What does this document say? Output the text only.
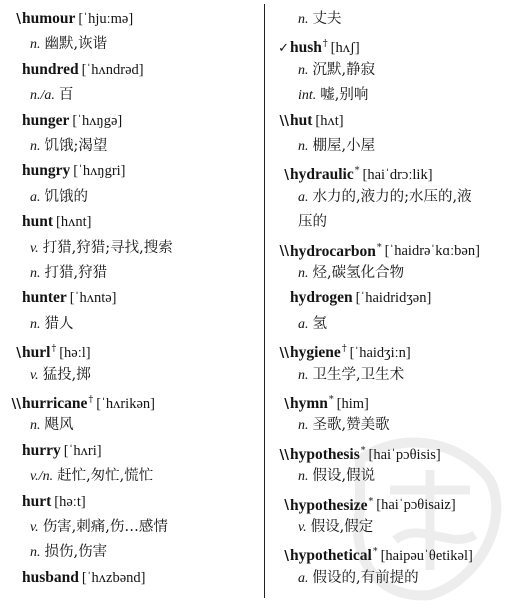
\humour [ˈhjuːmə]
n. 幽默,诙谐
hundred [ˈhʌndrəd]
n./a. 百
hunger [ˈhʌŋgə]
n. 饥饿;渴望
hungry [ˈhʌŋgri]
a. 饥饿的
hunt [hʌnt]
v. 打猎,狩猎;寻找,搜索
n. 打猎,狩猎
hunter [ˈhʌntə]
n. 猎人
\hurl† [həːl]
v. 猛投,掷
\\hurricane† [ˈhʌrikən]
n. 飓风
hurry [ˈhʌri]
v./n. 赶忙,匆忙,慌忙
hurt [həːt]
v. 伤害,刺痛,伤…感情
n. 损伤,伤害
husband [ˈhʌzbənd]
n. 丈夫
✓hush† [hʌʃ]
n. 沉默,静寂
int. 嘘,别响
\\hut [hʌt]
n. 棚屋,小屋
\hydraulic* [haiˈdrɔːlik]
a. 水力的,液力的;水压的,液
压的
\\hydrocarbon* [ˈhaidrəˈkɑːbən]
n. 烃,碳氢化合物
hydrogen [ˈhaidridʒən]
a. 氢
\\hygiene† [ˈhaidʒiːn]
n. 卫生学,卫生术
\hymn* [him]
n. 圣歌,赞美歌
\\hypothesis* [haiˈpɔθisis]
n. 假设,假说
\hypothesize* [haiˈpɔθisaiz]
v. 假设,假定
\hypothetical* [haipəuˈθetikəl]
a. 假设的,有前提的
